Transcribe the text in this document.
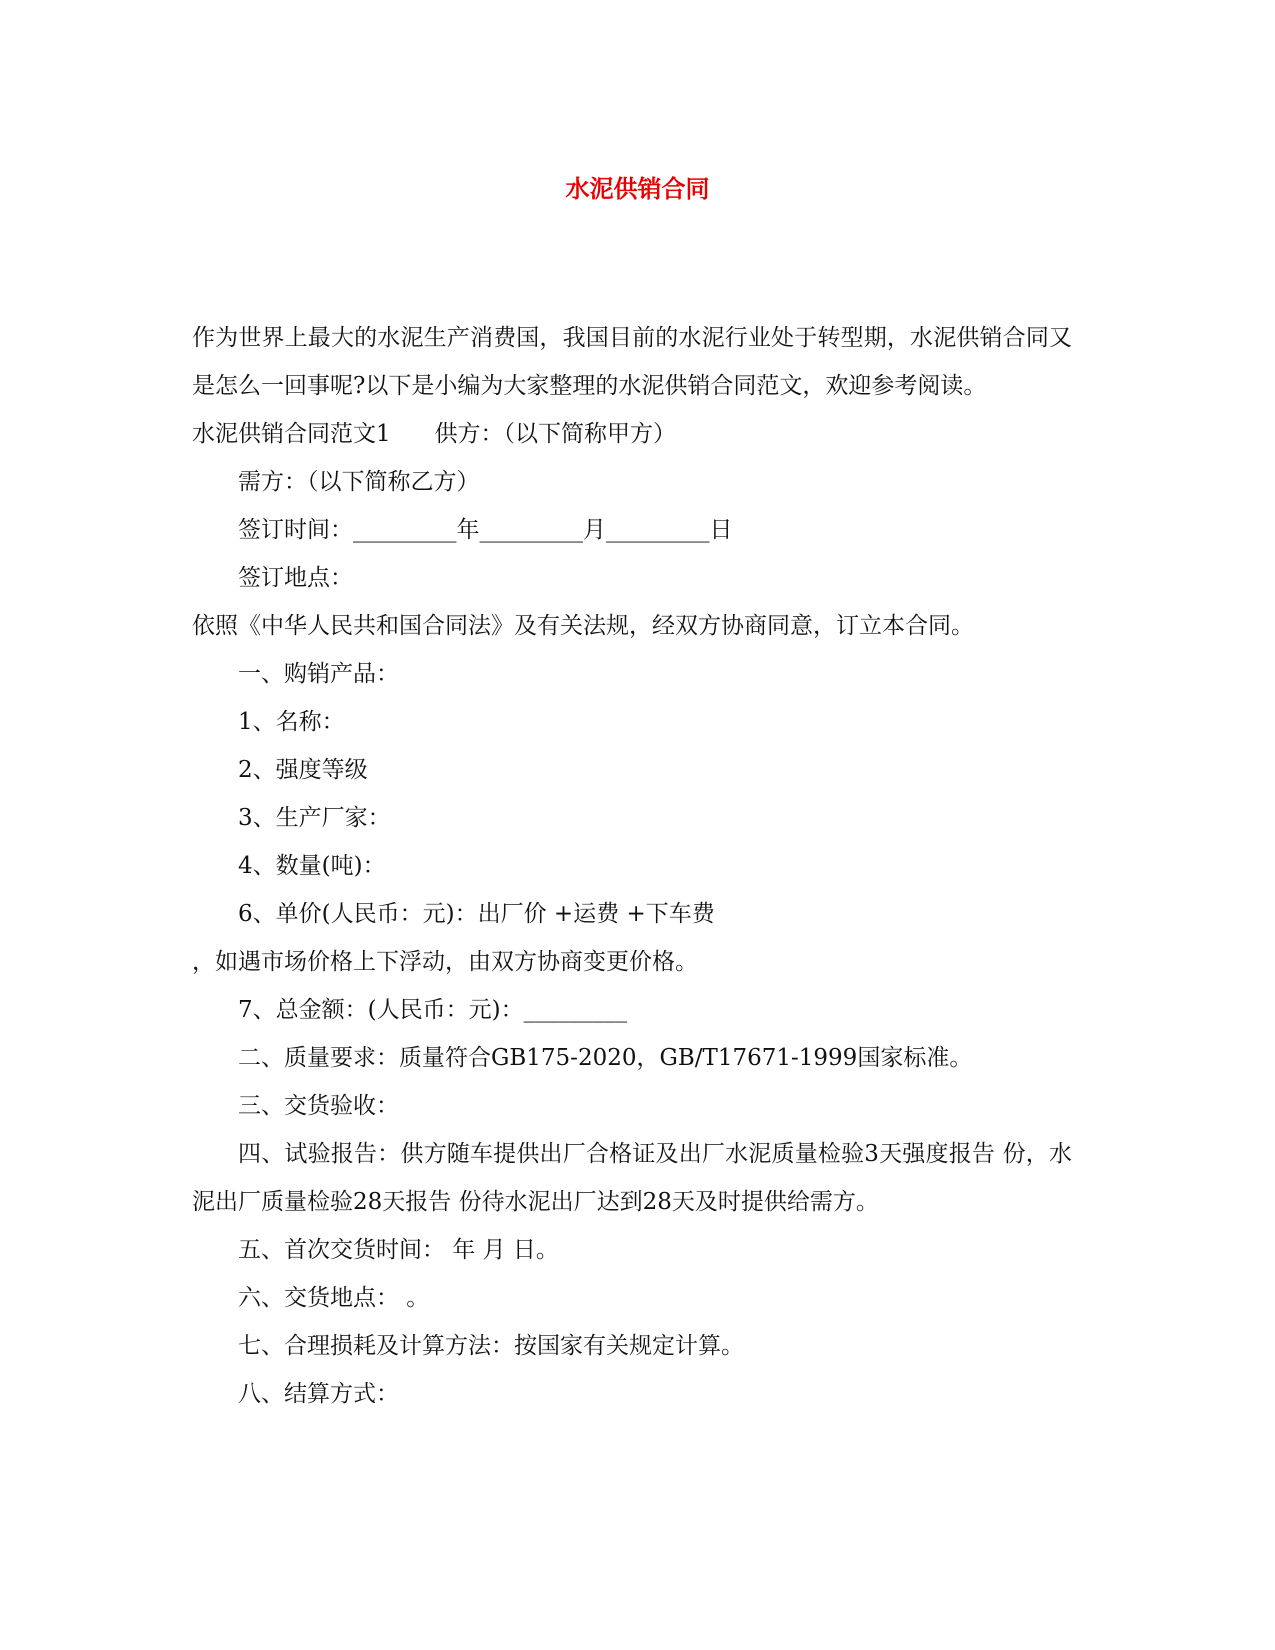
水泥供销合同

作为世界上最大的水泥生产消费国，我国目前的水泥行业处于转型期，水泥供销合同又是怎么一回事呢?以下是小编为大家整理的水泥供销合同范文，欢迎参考阅读。

水泥供销合同范文1      供方：（以下简称甲方）

需方：（以下简称乙方）

签订时间：_________年_________月_________日

签订地点：

依照《中华人民共和国合同法》及有关法规，经双方协商同意，订立本合同。

一、购销产品：

1、名称：

2、强度等级

3、生产厂家：

4、数量(吨)：

6、单价(人民币：元)：出厂价 +运费 +下车费

，如遇市场价格上下浮动，由双方协商变更价格。

7、总金额：(人民币：元)：_________

二、质量要求：质量符合GB175-2020，GB/T17671-1999国家标准。

三、交货验收：

四、试验报告：供方随车提供出厂合格证及出厂水泥质量检验3天强度报告 份，水泥出厂质量检验28天报告 份待水泥出厂达到28天及时提供给需方。

五、首次交货时间： 年 月 日。

六、交货地点： 。

七、合理损耗及计算方法：按国家有关规定计算。

八、结算方式：
